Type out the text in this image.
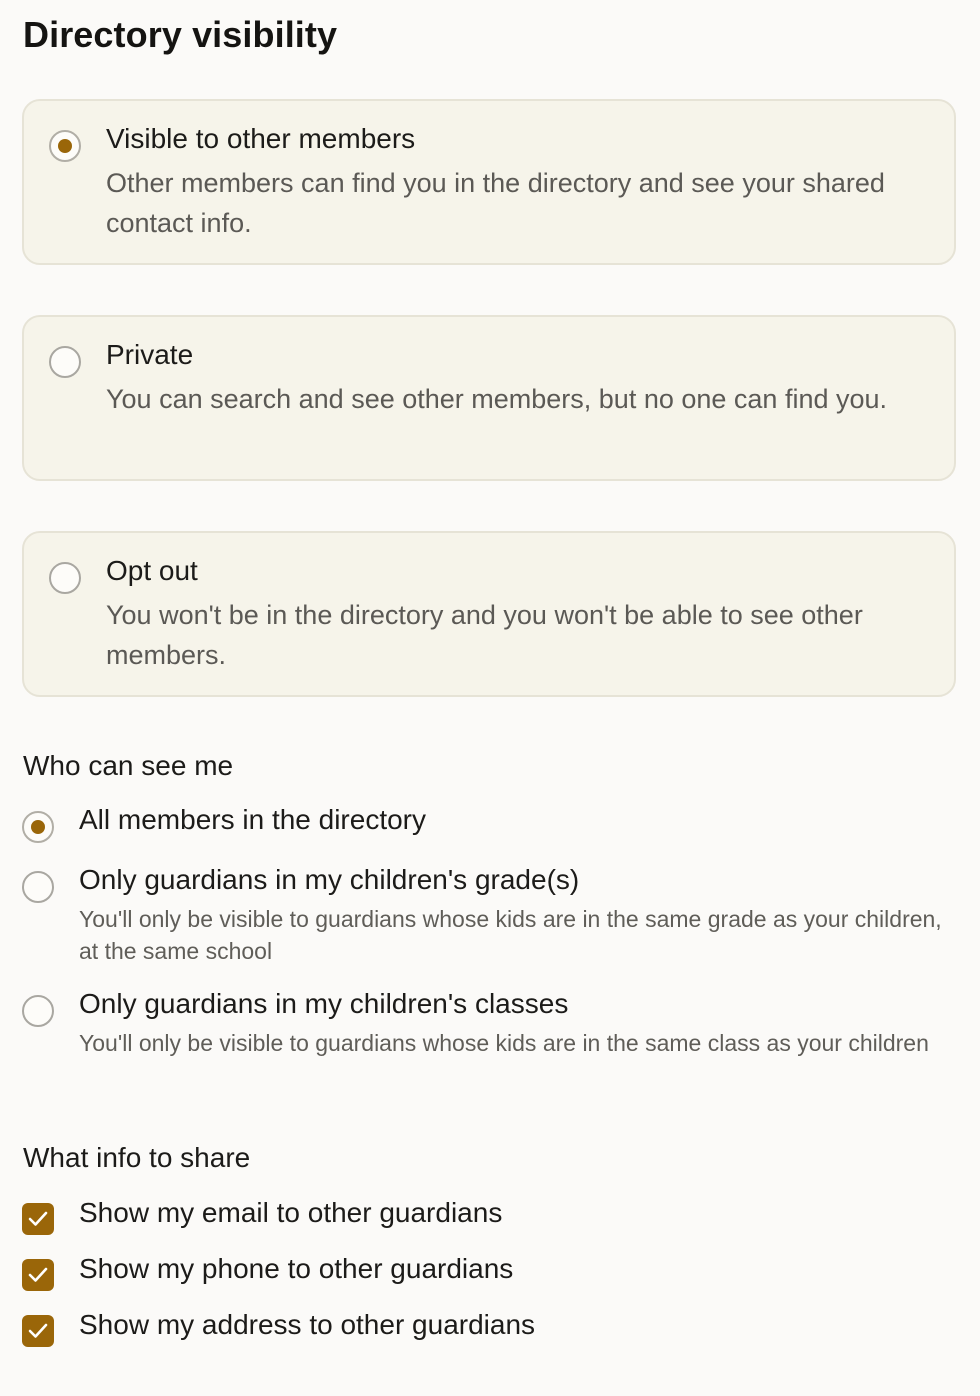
Directory visibility
Visible to other members
Other members can find you in the directory and see your shared contact info.
Private
You can search and see other members, but no one can find you.
Opt out
You won't be in the directory and you won't be able to see other members.
Who can see me
All members in the directory
Only guardians in my children's grade(s)
You'll only be visible to guardians whose kids are in the same grade as your children, at the same school
Only guardians in my children's classes
You'll only be visible to guardians whose kids are in the same class as your children
What info to share
Show my email to other guardians
Show my phone to other guardians
Show my address to other guardians
